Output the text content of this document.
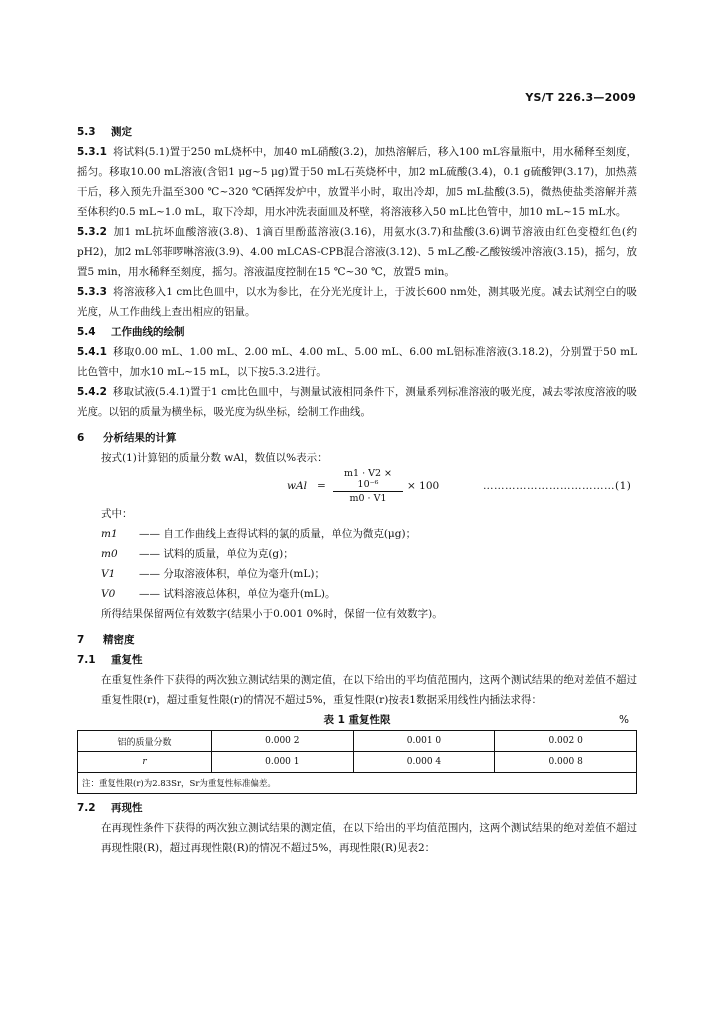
YS/T 226.3—2009
5.3 测定
5.3.1 将试料(5.1)置于250 mL烧杯中，加40 mL硝酸(3.2)，加热溶解后，移入100 mL容量瓶中，用水稀释至刻度，摇匀。移取10.00 mL溶液(含铝1 μg~5 μg)置于50 mL石英烧杯中，加2 mL硫酸(3.4)，0.1 g硫酸钾(3.17)，加热蒸干后，移入预先升温至300 ℃~320 ℃硒挥发炉中，放置半小时，取出冷却，加5 mL盐酸(3.5)，微热使盐类溶解并蒸至体积约0.5 mL~1.0 mL，取下冷却，用水冲洗表面皿及杯壁，将溶液移入50 mL比色管中，加10 mL~15 mL水。
5.3.2 加1 mL抗坏血酸溶液(3.8)、1滴百里酚蓝溶液(3.16)，用氨水(3.7)和盐酸(3.6)调节溶液由红色变橙红色(约pH2)，加2 mL邻菲啰啉溶液(3.9)、4.00 mLCAS-CPB混合溶液(3.12)、5 mL乙酸-乙酸铵缓冲溶液(3.15)，摇匀，放置5 min，用水稀释至刻度，摇匀。溶液温度控制在15 ℃~30 ℃，放置5 min。
5.3.3 将溶液移入1 cm比色皿中，以水为参比，在分光光度计上，于波长600 nm处，测其吸光度。减去试剂空白的吸光度，从工作曲线上查出相应的铝量。
5.4 工作曲线的绘制
5.4.1 移取0.00 mL、1.00 mL、2.00 mL、4.00 mL、5.00 mL、6.00 mL铝标准溶液(3.18.2)，分别置于50 mL比色管中，加水10 mL~15 mL，以下按5.3.2进行。
5.4.2 移取试液(5.4.1)置于1 cm比色皿中，与测量试液相同条件下，测量系列标准溶液的吸光度，减去零浓度溶液的吸光度。以铝的质量为横坐标，吸光度为纵坐标，绘制工作曲线。
6 分析结果的计算
按式(1)计算铝的质量分数 wAl，数值以%表示：
wAl = $\frac{\text{m1 · V2 × 10⁻⁶}}{m0 \cdot V1} \times 100$	………………………………(1)
式中：
m1	—— 自工作曲线上查得试料的氯的质量，单位为微克(μg)；
m0	—— 试料的质量，单位为克(g)；
V1	—— 分取溶液体积，单位为毫升(mL)；
V0	—— 试料溶液总体积，单位为毫升(mL)。
所得结果保留两位有效数字(结果小于0.001 0%时，保留一位有效数字)。
7 精密度
7.1 重复性
在重复性条件下获得的两次独立测试结果的测定值，在以下给出的平均值范围内，这两个测试结果的绝对差值不超过重复性限(r)，超过重复性限(r)的情况不超过5%，重复性限(r)按表1数据采用线性内插法求得：
表 1 重复性限	%
铝的质量分数	0.000 2	0.001 0	0.002 0
r	0.000 1	0.000 4	0.000 8
注：重复性限(r)为2.83Sr，Sr为重复性标准偏差。			
7.2 再现性
在再现性条件下获得的两次独立测试结果的测定值，在以下给出的平均值范围内，这两个测试结果的绝对差值不超过再现性限(R)，超过再现性限(R)的情况不超过5%，再现性限(R)见表2：
